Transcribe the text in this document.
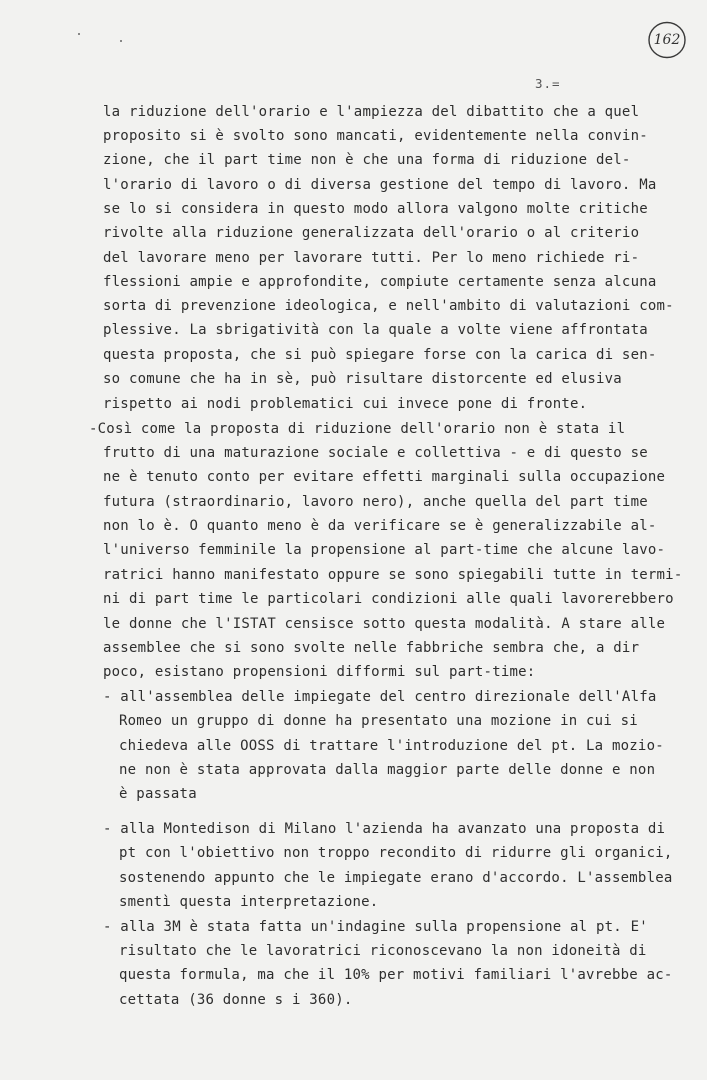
162
3.=
la riduzione dell'orario e l'ampiezza del dibattito che a quel
proposito si è svolto sono mancati, evidentemente nella convin-
zione, che il part time non è che una forma di riduzione del-
l'orario di lavoro o di diversa gestione del tempo di lavoro. Ma
se lo si considera in questo modo allora valgono molte critiche
rivolte alla riduzione generalizzata dell'orario o al criterio
del lavorare meno per lavorare tutti. Per lo meno richiede ri-
flessioni ampie e approfondite, compiute certamente senza alcuna
sorta di prevenzione ideologica, e nell'ambito di valutazioni com-
plessive. La sbrigatività con la quale a volte viene affrontata
questa proposta, che si può spiegare forse con la carica di sen-
so comune che ha in sè, può risultare distorcente ed elusiva
rispetto ai nodi problematici cui invece pone di fronte.
-Così come la proposta di riduzione dell'orario non è stata il
frutto di una maturazione sociale e collettiva - e di questo se
ne è tenuto conto per evitare effetti marginali sulla occupazione
futura (straordinario, lavoro nero), anche quella del part time
non lo è. O quanto meno è da verificare se è generalizzabile al-
l'universo femminile la propensione al part-time che alcune lavo-
ratrici hanno manifestato oppure se sono spiegabili tutte in termi-
ni di part time le particolari condizioni alle quali lavorerebbero
le donne che l'ISTAT censisce sotto questa modalità. A stare alle
assemblee che si sono svolte nelle fabbriche sembra che, a dir
poco, esistano propensioni difformi sul part-time:
- all'assemblea delle impiegate del centro direzionale dell'Alfa
Romeo un gruppo di donne ha presentato una mozione in cui si
chiedeva alle OOSS di trattare l'introduzione del pt. La mozio-
ne non è stata approvata dalla maggior parte delle donne e non
è passata
- alla Montedison di Milano l'azienda ha avanzato una proposta di
pt con l'obiettivo non troppo recondito di ridurre gli organici,
sostenendo appunto che le impiegate erano d'accordo. L'assemblea
smentì questa interpretazione.
- alla 3M è stata fatta un'indagine sulla propensione al pt. E'
risultato che le lavoratrici riconoscevano la non idoneità di
questa formula, ma che il 10% per motivi familiari l'avrebbe ac-
cettata (36 donne s i 360).
